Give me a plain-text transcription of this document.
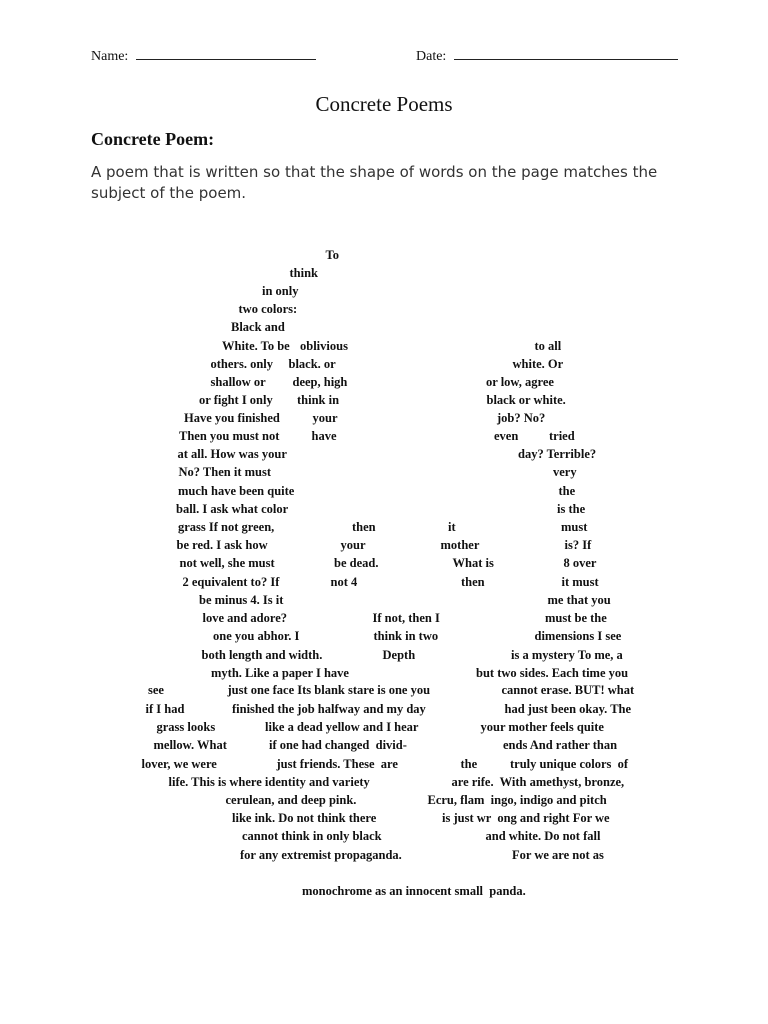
Name:	Date:
Concrete Poems
Concrete Poem:

A poem that is written so that the shape of words on the page matches the subject of the poem.

To
think
in only
two colors:
Black and
White. To be oblivious	to all
others. only black. or	white. Or
shallow or deep, high	or low, agree
or fight I only think in	black or white.
Have you finished	your	job? No?
Then you must not	have	even tried
at all. How was your	day? Terrible?
No? Then it must	very
much have been quite	the
ball. I ask what color	is the
grass If not green,	then	it	must
be red. I ask how	your	mother	is? If
not well, she must	be dead.	What is	8 over
2 equivalent to? If	not 4	then	it must
be minus 4. Is it	me that you
love and adore?	If not, then I	must be the
one you abhor. I	think in two	dimensions I see
both length and width.	Depth	is a mystery To me, a
myth. Like a paper I have	but two sides. Each time you
see	just one face Its blank stare is one you	cannot erase. BUT! what
if I had	finished the job halfway and my day	had just been okay. The
grass looks	like a dead yellow and I hear	your mother feels quite
mellow. What	if one had changed  divid-	ends And rather than
lover, we were	just friends. These  are	the	truly unique colors  of
life. This is where identity and variety	are rife.  With amethyst, bronze,
cerulean, and deep pink.	Ecru, flam  ingo, indigo and pitch
like ink. Do not think there	is just wr  ong and right For we
cannot think in only black	and white. Do not fall
for any extremist propaganda.	For we are not as
monochrome as an innocent small  panda.
